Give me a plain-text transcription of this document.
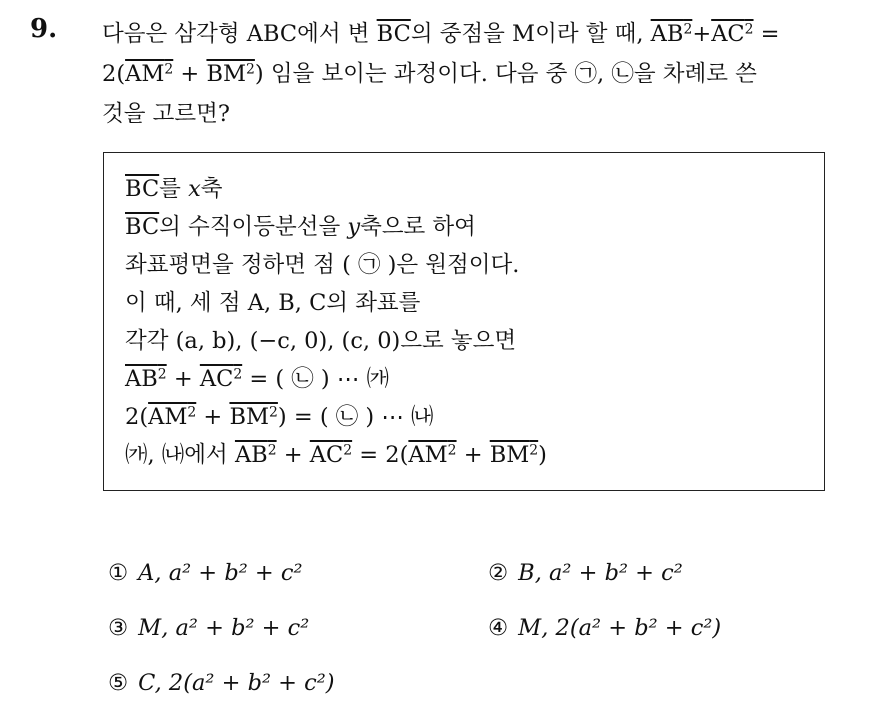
9. 다음은 삼각형 ABC에서 변 $\overline{BC}$의 중점을 M이라 할 때, $AB^2+AC^2$ =
$2(AM^2 + BM^2)$ 임을 보이는 과정이다. 다음 중 ㉠, ㉡을 차례로 쓴
것을 고르면?
$\overline{BC}$를 x축
$\overline{BC}$의 수직이등분선을 y축으로 하여
좌표평면을 정하면 점 ( ㉠ )은 원점이다.
이 때, 세 점 A, B, C의 좌표를
각각 (a, b), (−c, 0), (c, 0)으로 놓으면
$AB^2 + AC^2$ = ( ㉡ ) ⋯ ㈎
$2(AM^2 + BM^2)$ = ( ㉡ ) ⋯ ㈏
㈎, ㈏에서 $AB^2 + AC^2 = 2(AM^2 + BM^2)$
① A, a² + b² + c²	② B, a² + b² + c²
③ M, a² + b² + c²	④ M, 2(a² + b² + c²)
⑤ C, 2(a² + b² + c²)
